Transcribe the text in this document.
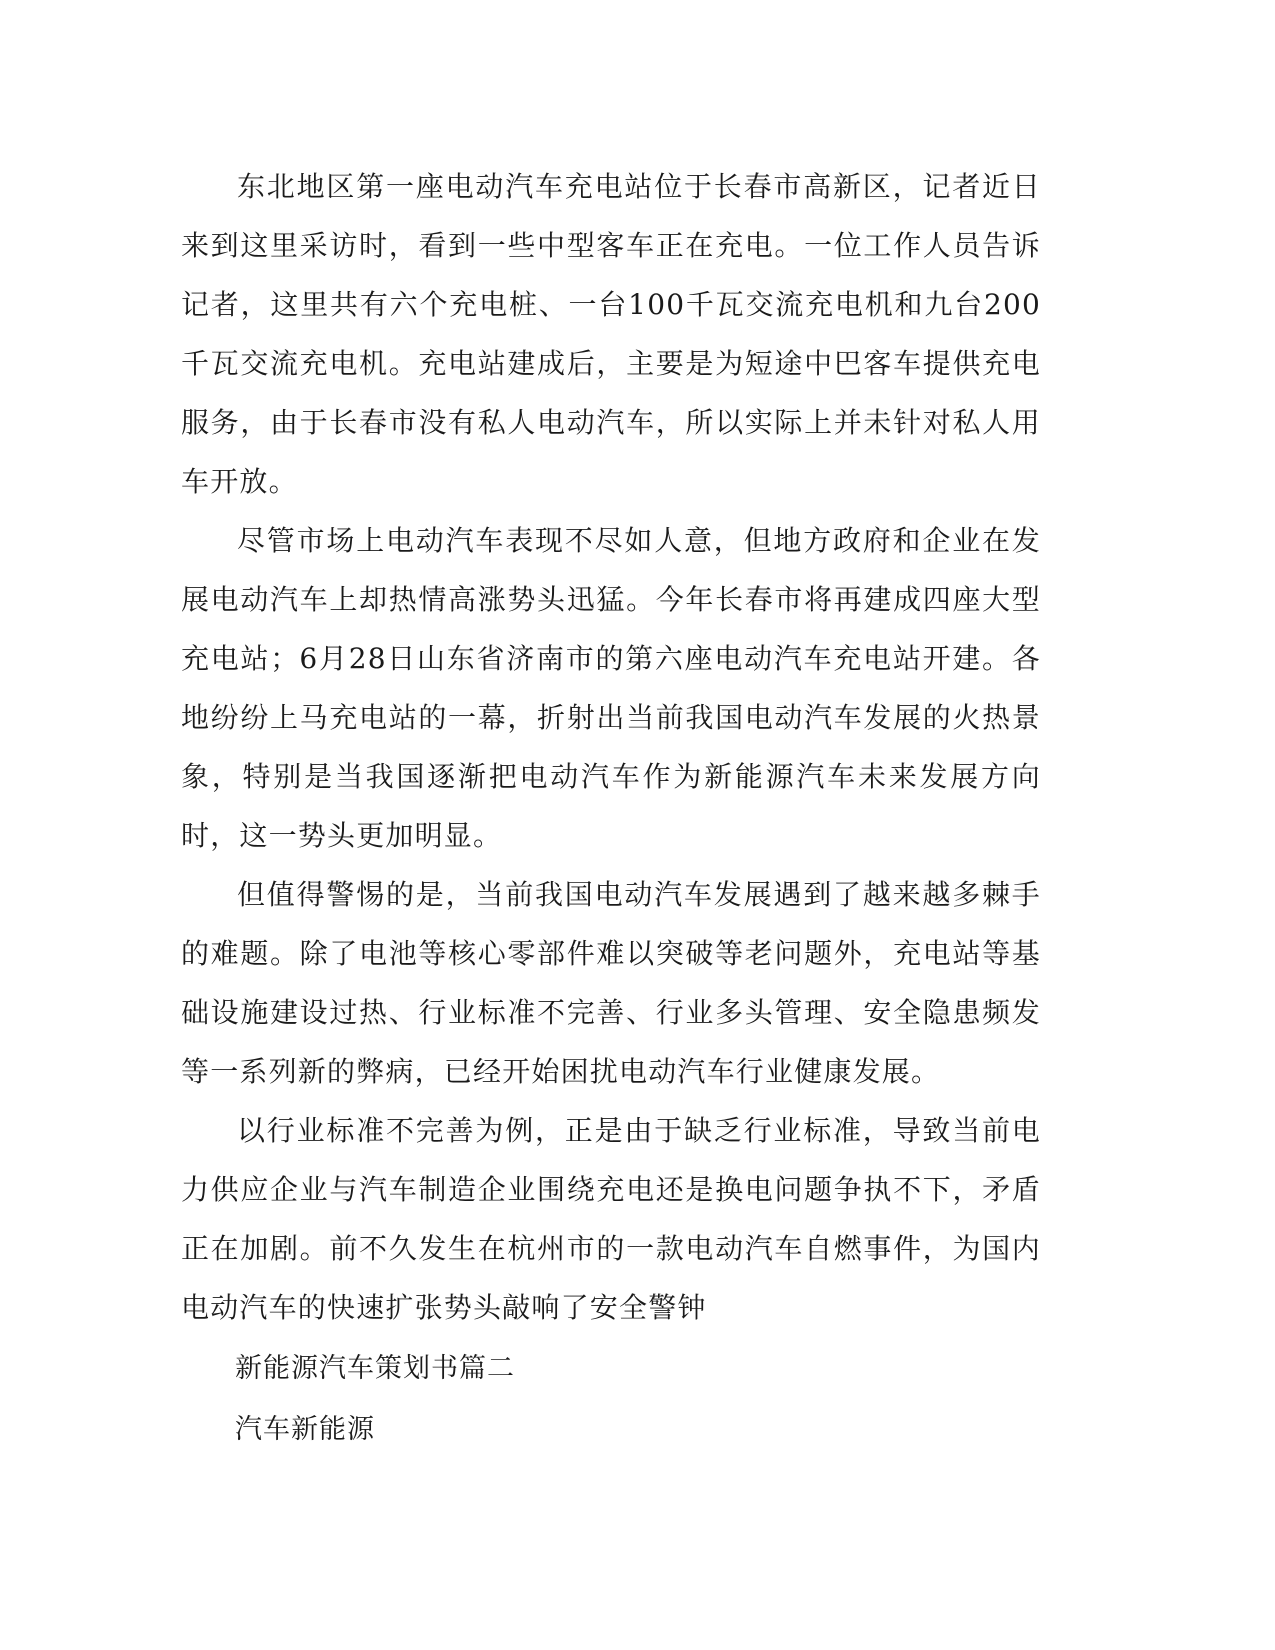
东北地区第一座电动汽车充电站位于长春市高新区，记者近日来到这里采访时，看到一些中型客车正在充电。一位工作人员告诉记者，这里共有六个充电桩、一台100千瓦交流充电机和九台200千瓦交流充电机。充电站建成后，主要是为短途中巴客车提供充电服务，由于长春市没有私人电动汽车，所以实际上并未针对私人用车开放。

尽管市场上电动汽车表现不尽如人意，但地方政府和企业在发展电动汽车上却热情高涨势头迅猛。今年长春市将再建成四座大型充电站；6月28日山东省济南市的第六座电动汽车充电站开建。各地纷纷上马充电站的一幕，折射出当前我国电动汽车发展的火热景象，特别是当我国逐渐把电动汽车作为新能源汽车未来发展方向时，这一势头更加明显。

但值得警惕的是，当前我国电动汽车发展遇到了越来越多棘手的难题。除了电池等核心零部件难以突破等老问题外，充电站等基础设施建设过热、行业标准不完善、行业多头管理、安全隐患频发等一系列新的弊病，已经开始困扰电动汽车行业健康发展。

以行业标准不完善为例，正是由于缺乏行业标准，导致当前电力供应企业与汽车制造企业围绕充电还是换电问题争执不下，矛盾正在加剧。前不久发生在杭州市的一款电动汽车自燃事件，为国内电动汽车的快速扩张势头敲响了安全警钟

新能源汽车策划书篇二

汽车新能源
